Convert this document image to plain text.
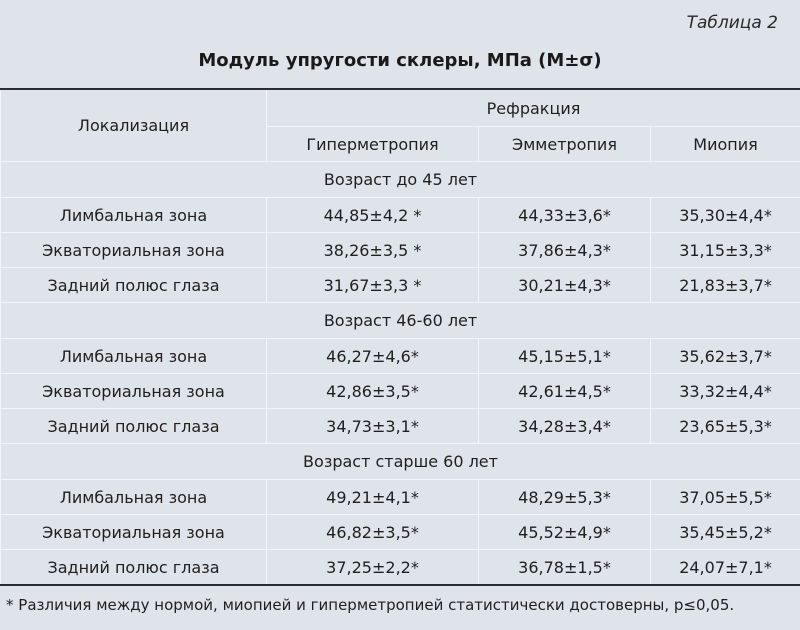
Таблица 2
Модуль упругости склеры, МПа (М±σ)
Локализация	Рефракция		
	Гиперметропия	Эмметропия	Миопия
Возраст до 45 лет			
Лимбальная зона	44,85±4,2 *	44,33±3,6*	35,30±4,4*
Экваториальная зона	38,26±3,5 *	37,86±4,3*	31,15±3,3*
Задний полюс глаза	31,67±3,3 *	30,21±4,3*	21,83±3,7*
Возраст 46-60 лет			
Лимбальная зона	46,27±4,6*	45,15±5,1*	35,62±3,7*
Экваториальная зона	42,86±3,5*	42,61±4,5*	33,32±4,4*
Задний полюс глаза	34,73±3,1*	34,28±3,4*	23,65±5,3*
Возраст старше 60 лет			
Лимбальная зона	49,21±4,1*	48,29±5,3*	37,05±5,5*
Экваториальная зона	46,82±3,5*	45,52±4,9*	35,45±5,2*
Задний полюс глаза	37,25±2,2*	36,78±1,5*	24,07±7,1*
* Различия между нормой, миопией и гиперметропией статистически достоверны, р≤0,05.
